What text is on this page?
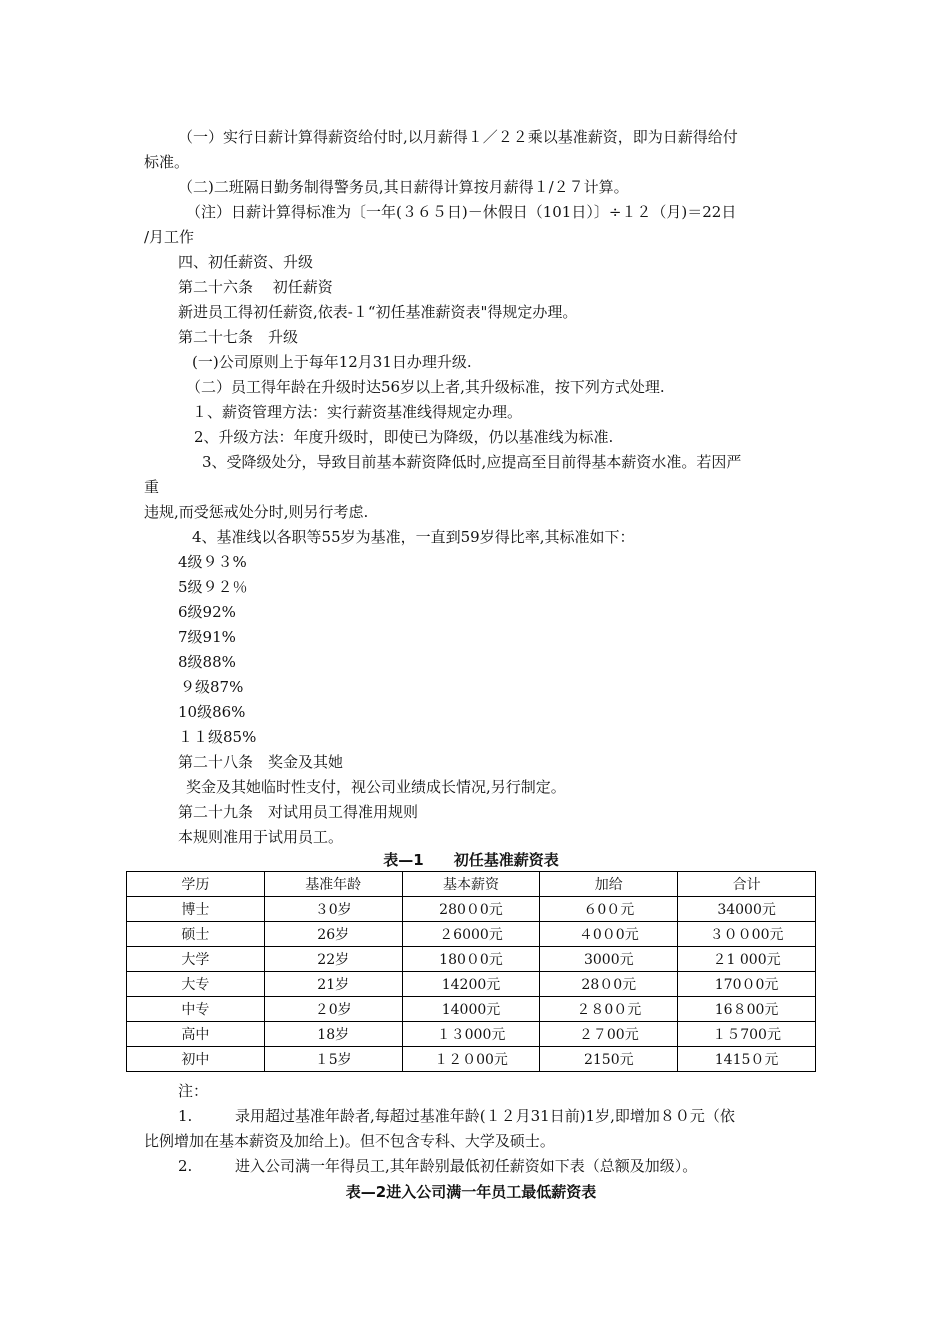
（一）实行日薪计算得薪资给付时,以月薪得１／２２乘以基准薪资，即为日薪得给付
标准。
（二)二班隔日勤务制得警务员,其日薪得计算按月薪得１/２７计算。
（注）日薪计算得标准为〔一年(３６５日)－休假日（101日）〕÷１２（月)＝22日
/月工作
四、初任薪资、升级
第二十六条　 初任薪资
新进员工得初任薪资,依表-１“初任基准薪资表"得规定办理。
第二十七条　升级
(一)公司原则上于每年12月31日办理升级.
（二）员工得年龄在升级时达56岁以上者,其升级标准，按下列方式处理.
１、薪资管理方法：实行薪资基准线得规定办理。
2、升级方法：年度升级时，即使已为降级，仍以基准线为标准.
3、受降级处分，导致目前基本薪资降低时,应提高至目前得基本薪资水准。若因严
重
违规,而受惩戒处分时,则另行考虑.
4、基准线以各职等55岁为基准，一直到59岁得比率,其标准如下：
4级９３%
5级９２％
6级92%
7级91%
8级88%
９级87%
10级86%
１１级85%
第二十八条　奖金及其她
奖金及其她临时性支付，视公司业绩成长情况,另行制定。
第二十九条　对试用员工得准用规则
本规则准用于试用员工。
表—1　　初任基准薪资表
学历	基准年龄	基本薪资	加给	合计
博士	３0岁	280０0元	６0０元	34000元
硕士	26岁	２6000元	４0０0元	３００00元
大学	22岁	180０0元	3000元	２1 000元
大专	21岁	14200元	28０0元	170０0元
中专	２0岁	14000元	２８0０元	16８00元
高中	18岁	１３000元	２７00元	１５700元
初中	１5岁	１２０00元	2150元	1415０元
注：
1.	录用超过基准年龄者,每超过基准年龄(１２月31日前)1岁,即增加８０元（依
比例增加在基本薪资及加给上)。但不包含专科、大学及硕士。
2.	进入公司满一年得员工,其年龄别最低初任薪资如下表（总额及加级）。
表—2进入公司满一年员工最低薪资表
